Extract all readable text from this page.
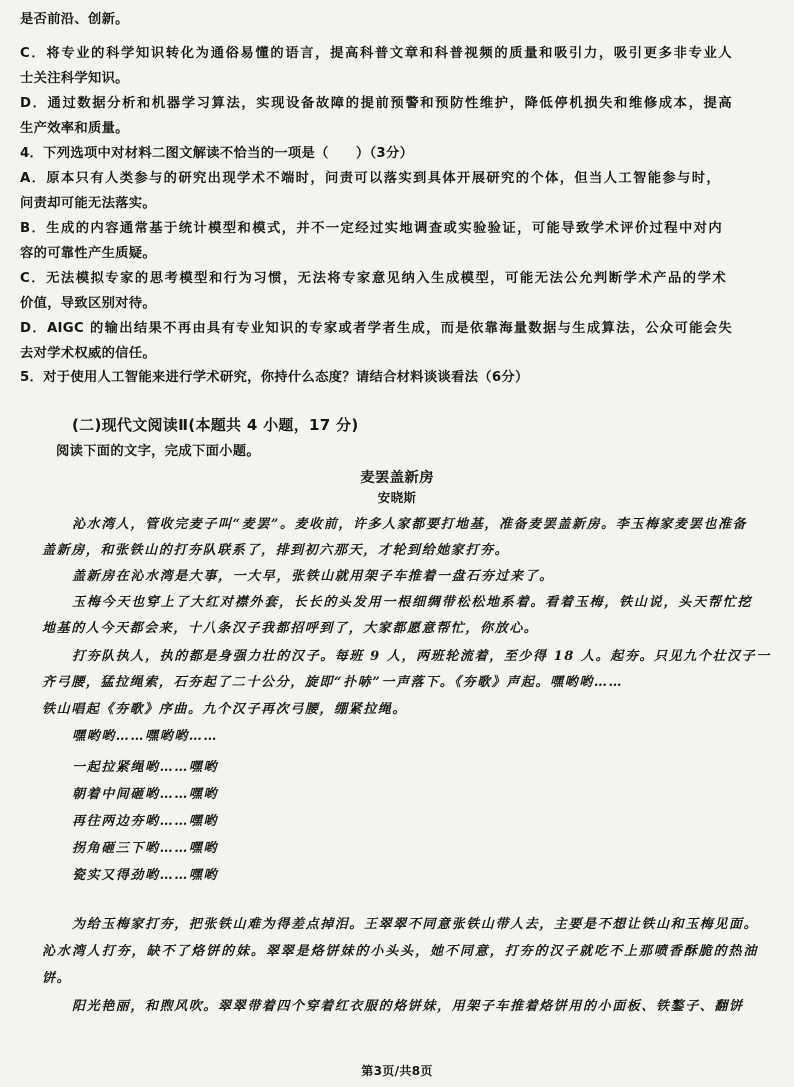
是否前沿、创新。
C．将专业的科学知识转化为通俗易懂的语言，提高科普文章和科普视频的质量和吸引力，吸引更多非专业人
士关注科学知识。
D．通过数据分析和机器学习算法，实现设备故障的提前预警和预防性维护，降低停机损失和维修成本，提高
生产效率和质量。
4．下列选项中对材料二图文解读不恰当的一项是（　　）（3分）
A．原本只有人类参与的研究出现学术不端时，问责可以落实到具体开展研究的个体，但当人工智能参与时，
问责却可能无法落实。
B．生成的内容通常基于统计模型和模式，并不一定经过实地调查或实验验证，可能导致学术评价过程中对内
容的可靠性产生质疑。
C．无法模拟专家的思考模型和行为习惯，无法将专家意见纳入生成模型，可能无法公允判断学术产品的学术
价值，导致区别对待。
D．AIGC 的输出结果不再由具有专业知识的专家或者学者生成，而是依靠海量数据与生成算法，公众可能会失
去对学术权威的信任。
5．对于使用人工智能来进行学术研究，你持什么态度？请结合材料谈谈看法（6分）
(二)现代文阅读Ⅱ(本题共 4 小题，17 分)
阅读下面的文字，完成下面小题。
麦罢盖新房
安晓斯
沁水湾人，管收完麦子叫“麦罢”。麦收前，许多人家都要打地基，准备麦罢盖新房。李玉梅家麦罢也准备
盖新房，和张铁山的打夯队联系了，排到初六那天，才轮到给她家打夯。
盖新房在沁水湾是大事，一大早，张铁山就用架子车推着一盘石夯过来了。
玉梅今天也穿上了大红对襟外套，长长的头发用一根细绸带松松地系着。看着玉梅，铁山说，头天帮忙挖
地基的人今天都会来，十八条汉子我都招呼到了，大家都愿意帮忙，你放心。
打夯队执人，执的都是身强力壮的汉子。每班 9 人，两班轮流着，至少得 18 人。起夯。只见九个壮汉子一
齐弓腰，猛拉绳索，石夯起了二十公分，旋即“扑哧”一声落下。《夯歌》声起。嘿哟哟……
铁山唱起《夯歌》序曲。九个汉子再次弓腰，绷紧拉绳。
嘿哟哟……嘿哟哟……
一起拉紧绳哟……嘿哟
朝着中间砸哟……嘿哟
再往两边夯哟……嘿哟
拐角砸三下哟……嘿哟
瓷实又得劲哟……嘿哟
为给玉梅家打夯，把张铁山难为得差点掉泪。王翠翠不同意张铁山带人去，主要是不想让铁山和玉梅见面。
沁水湾人打夯，缺不了烙饼的妹。翠翠是烙饼妹的小头头，她不同意，打夯的汉子就吃不上那喷香酥脆的热油
饼。
阳光艳丽，和煦风吹。翠翠带着四个穿着红衣服的烙饼妹，用架子车推着烙饼用的小面板、铁鏊子、翻饼
第3页/共8页
